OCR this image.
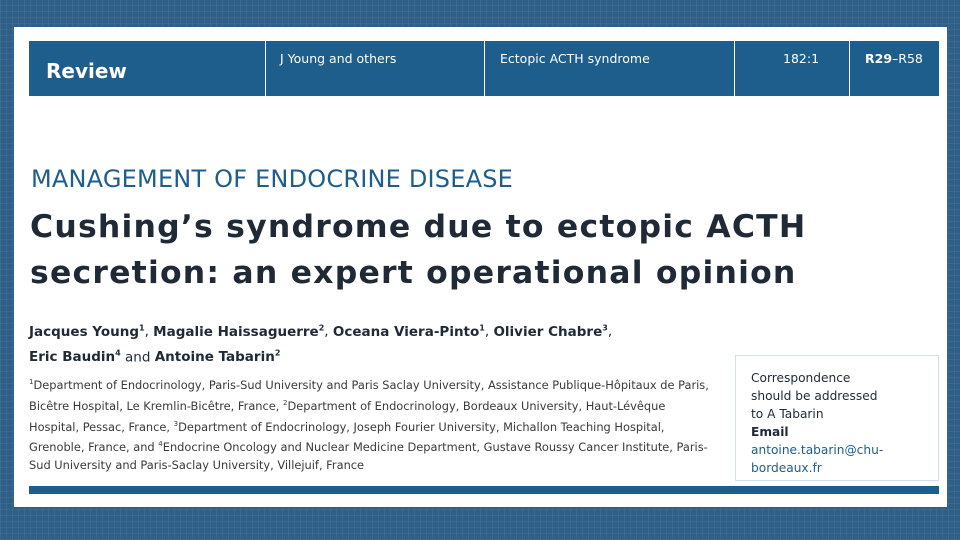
Review
J Young and others	Ectopic ACTH syndrome	182:1	R29–R58
MANAGEMENT OF ENDOCRINE DISEASE
Cushing’s syndrome due to ectopic ACTH secretion: an expert operational opinion
Jacques Young$^1$, Magalie Haissaguerre$^2$, Oceana Viera-Pinto$^1$, Olivier Chabre$^3$,
Eric Baudin$^4$ and Antoine Tabarin$^2$
$^1$Department of Endocrinology, Paris-Sud University and Paris Saclay University, Assistance Publique-Hôpitaux de Paris, Bicêtre Hospital, Le Kremlin-Bicêtre, France, $^2$Department of Endocrinology, Bordeaux University, Haut-Lévêque Hospital, Pessac, France, $^3$Department of Endocrinology, Joseph Fourier University, Michallon Teaching Hospital, Grenoble, France, and $^4$Endocrine Oncology and Nuclear Medicine Department, Gustave Roussy Cancer Institute, Paris-Sud University and Paris-Saclay University, Villejuif, France
Correspondence
should be addressed
to A Tabarin
Email
antoine.tabarin@chu-
bordeaux.fr
